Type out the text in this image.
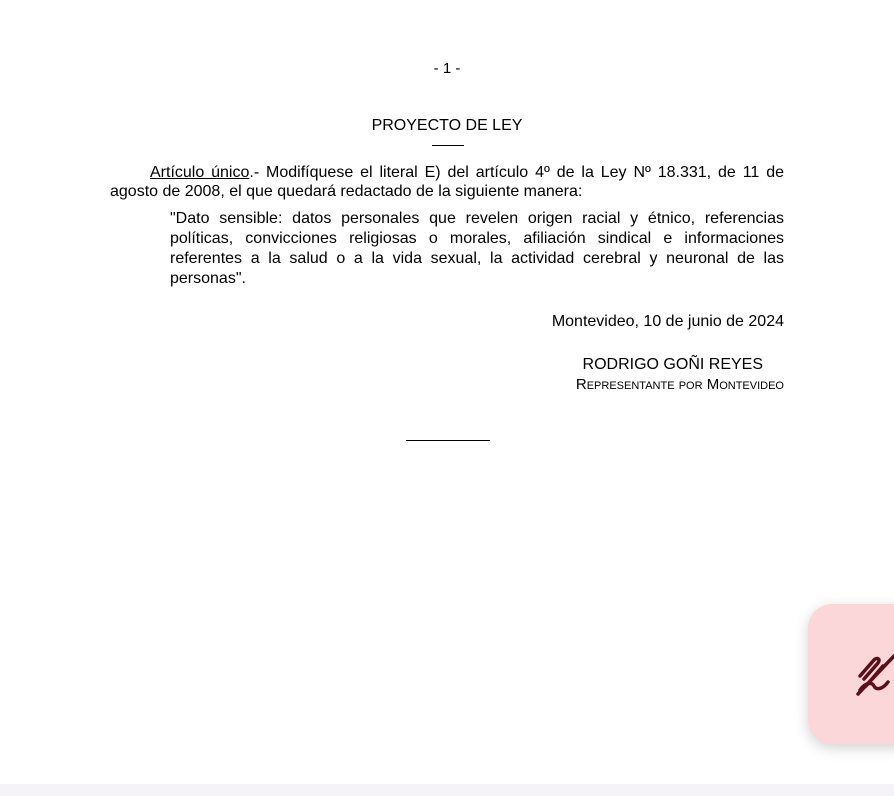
- 1 -
PROYECTO DE LEY
Artículo único.- Modifíquese el literal E) del artículo 4º de la Ley Nº 18.331, de 11 de agosto de 2008, el que quedará redactado de la siguiente manera:
"Dato sensible: datos personales que revelen origen racial y étnico, referencias políticas, convicciones religiosas o morales, afiliación sindical e informaciones referentes a la salud o a la vida sexual, la actividad cerebral y neuronal de las personas".
Montevideo, 10 de junio de 2024
RODRIGO GOÑI REYES
Representante por Montevideo
